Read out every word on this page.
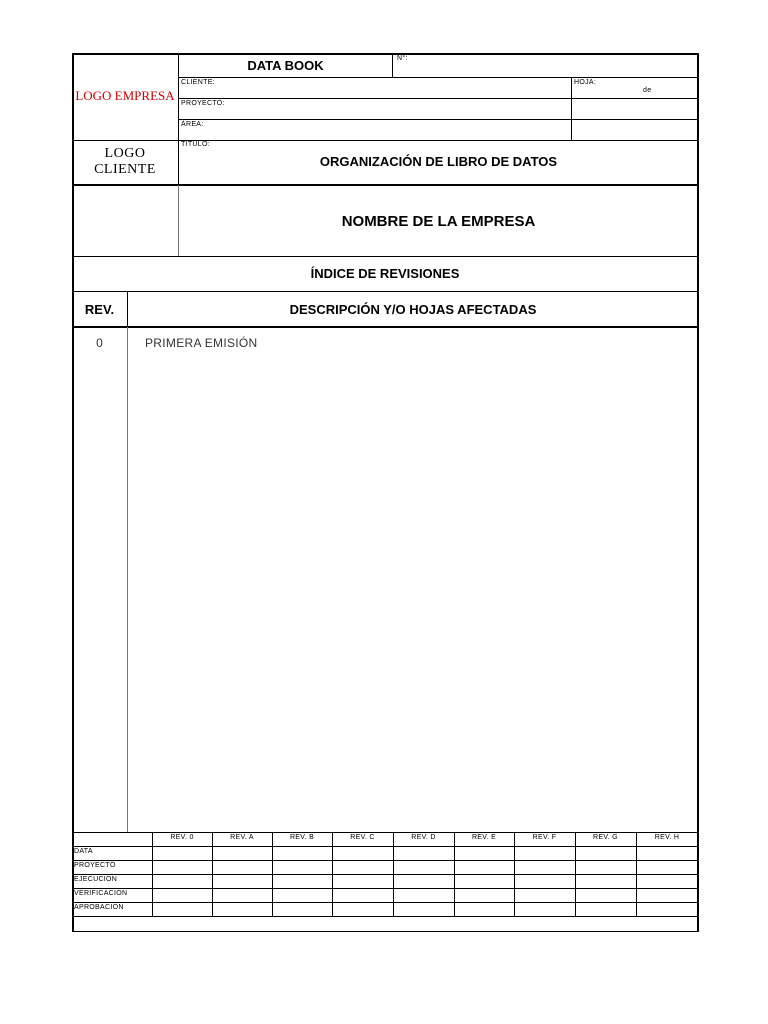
LOGO EMPRESA
LOGO
CLIENTE
DATA BOOK	N°:
CLIENTE:	HOJA:
de
PROYECTO:
ÁREA:
TITULO:
ORGANIZACIÓN DE LIBRO DE DATOS
NOMBRE DE LA EMPRESA
ÍNDICE DE REVISIONES
REV.	DESCRIPCIÓN Y/O HOJAS AFECTADAS
0	PRIMERA EMISIÓN
REV. 0	REV. A	REV. B	REV. C	REV. D	REV. E	REV. F	REV. G	REV. H
DATA
PROYECTÓ
EJECUCIÓN
VERIFICACIÓN
APROBACIÓN
